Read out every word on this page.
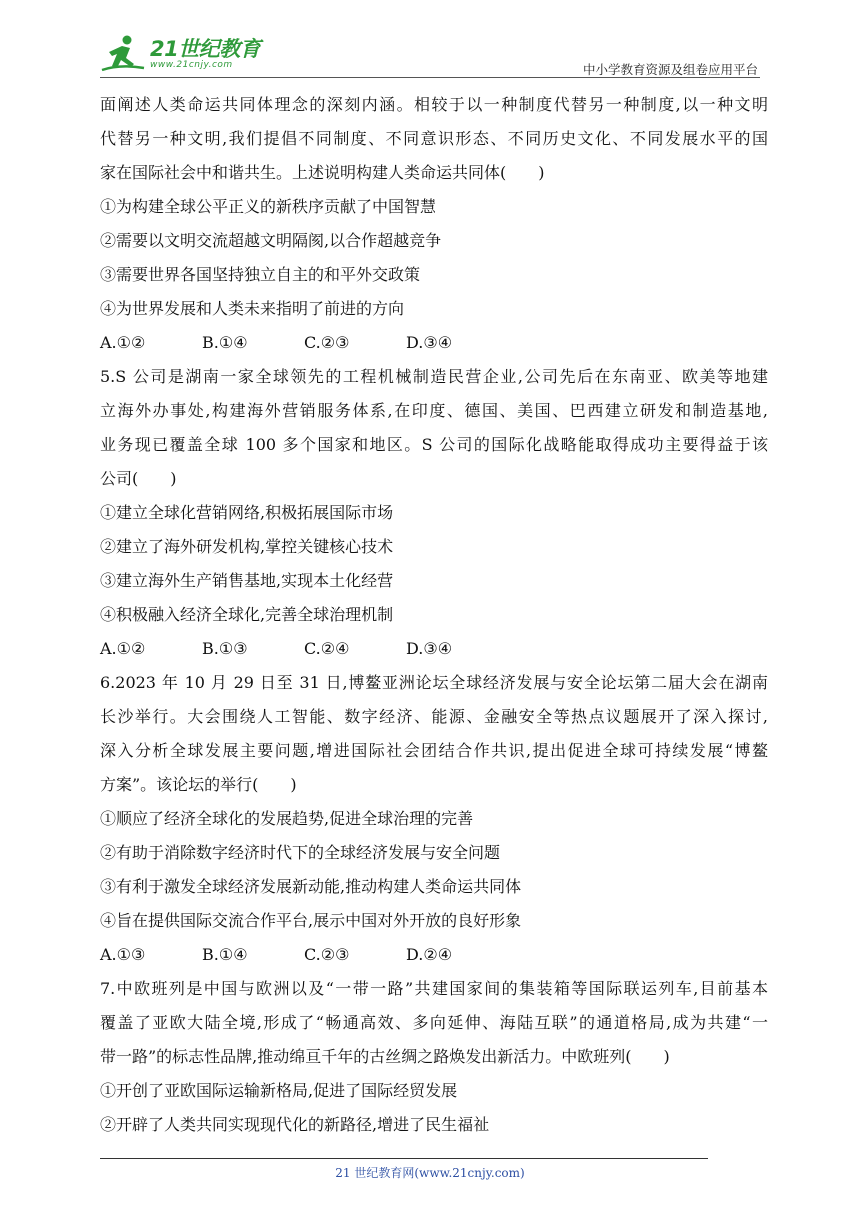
21世纪教育
www.21cnjy.com	中小学教育资源及组卷应用平台
面阐述人类命运共同体理念的深刻内涵。相较于以一种制度代替另一种制度,以一种文明
代替另一种文明,我们提倡不同制度、不同意识形态、不同历史文化、不同发展水平的国
家在国际社会中和谐共生。上述说明构建人类命运共同体(　　)
①为构建全球公平正义的新秩序贡献了中国智慧
②需要以文明交流超越文明隔阂,以合作超越竞争
③需要世界各国坚持独立自主的和平外交政策
④为世界发展和人类未来指明了前进的方向
A.①②	B.①④	C.②③	D.③④
5.S 公司是湖南一家全球领先的工程机械制造民营企业,公司先后在东南亚、欧美等地建
立海外办事处,构建海外营销服务体系,在印度、德国、美国、巴西建立研发和制造基地,
业务现已覆盖全球 100 多个国家和地区。S 公司的国际化战略能取得成功主要得益于该
公司(　　)
①建立全球化营销网络,积极拓展国际市场
②建立了海外研发机构,掌控关键核心技术
③建立海外生产销售基地,实现本土化经营
④积极融入经济全球化,完善全球治理机制
A.①②	B.①③	C.②④	D.③④
6.2023 年 10 月 29 日至 31 日,博鳌亚洲论坛全球经济发展与安全论坛第二届大会在湖南
长沙举行。大会围绕人工智能、数字经济、能源、金融安全等热点议题展开了深入探讨,
深入分析全球发展主要问题,增进国际社会团结合作共识,提出促进全球可持续发展“博鳌
方案”。该论坛的举行(　　)
①顺应了经济全球化的发展趋势,促进全球治理的完善
②有助于消除数字经济时代下的全球经济发展与安全问题
③有利于激发全球经济发展新动能,推动构建人类命运共同体
④旨在提供国际交流合作平台,展示中国对外开放的良好形象
A.①③	B.①④	C.②③	D.②④
7.中欧班列是中国与欧洲以及“一带一路”共建国家间的集装箱等国际联运列车,目前基本
覆盖了亚欧大陆全境,形成了“畅通高效、多向延伸、海陆互联”的通道格局,成为共建“一
带一路”的标志性品牌,推动绵亘千年的古丝绸之路焕发出新活力。中欧班列(　　)
①开创了亚欧国际运输新格局,促进了国际经贸发展
②开辟了人类共同实现现代化的新路径,增进了民生福祉
21 世纪教育网(www.21cnjy.com)
